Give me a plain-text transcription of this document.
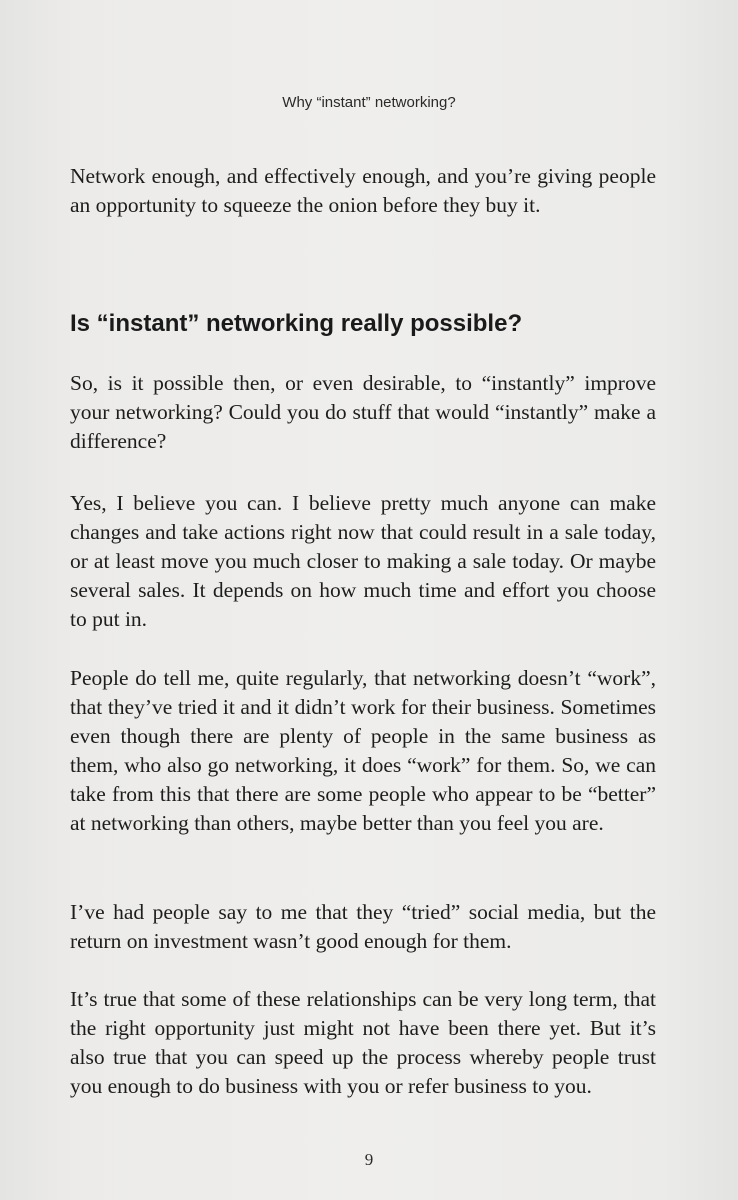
Why “instant” networking?

Network enough, and effectively enough, and you’re giving people an opportunity to squeeze the onion before they buy it.

Is “instant” networking really possible?

So, is it possible then, or even desirable, to “instantly” improve your networking? Could you do stuff that would “instantly” make a difference?

Yes, I believe you can. I believe pretty much anyone can make changes and take actions right now that could result in a sale today, or at least move you much closer to making a sale today. Or maybe several sales. It depends on how much time and effort you choose to put in.

People do tell me, quite regularly, that networking doesn’t “work”, that they’ve tried it and it didn’t work for their business. Sometimes even though there are plenty of people in the same business as them, who also go networking, it does “work” for them. So, we can take from this that there are some people who appear to be “better” at networking than others, maybe better than you feel you are.

I’ve had people say to me that they “tried” social media, but the return on investment wasn’t good enough for them.

It’s true that some of these relationships can be very long term, that the right opportunity just might not have been there yet. But it’s also true that you can speed up the process whereby people trust you enough to do business with you or refer business to you.

9
